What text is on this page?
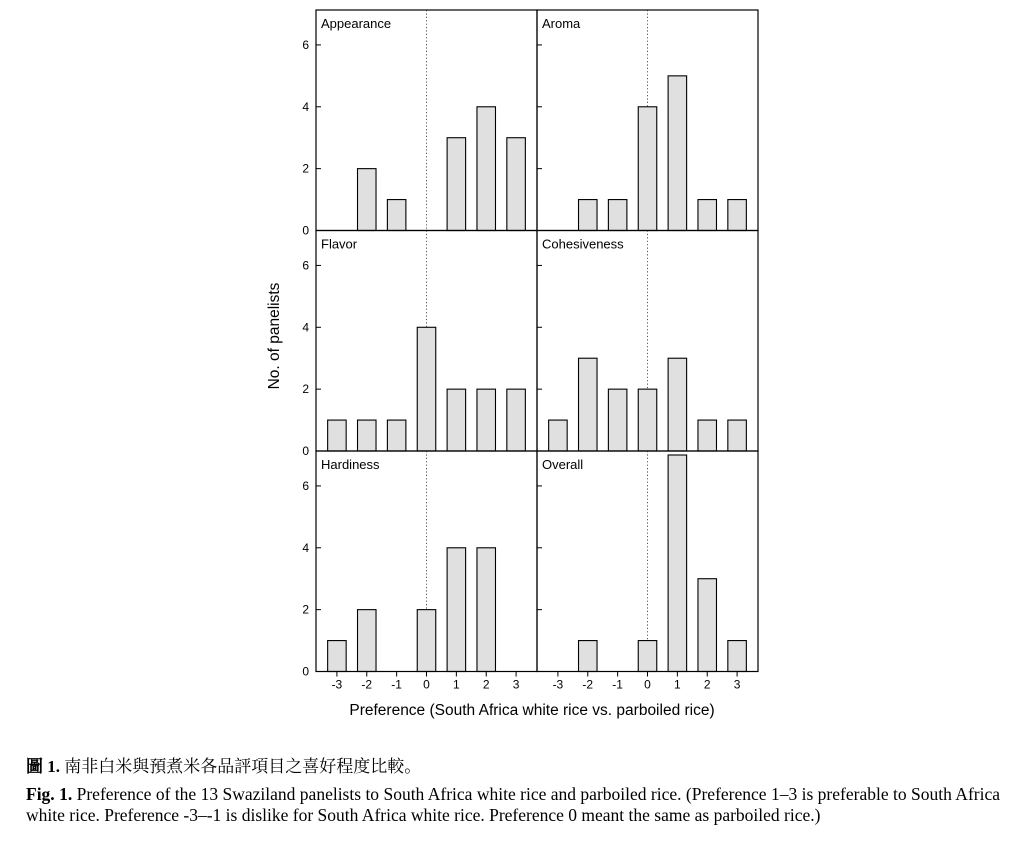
Appearance
0
2
4
6
Aroma
Flavor
0
2
4
6
Cohesiveness
Hardiness
0
2
4
6
-3 -2 -1 0 1 2 3
Overall
-3 -2 -1 0 1 2 3
No. of panelists
Preference (South Africa white rice vs. parboiled rice)
圖 1. 南非白米與預煮米各品評項目之喜好程度比較。
Fig. 1. Preference of the 13 Swaziland panelists to South Africa white rice and parboiled rice. (Preference 1–3 is preferable to South Africa white rice. Preference -3–-1 is dislike for South Africa white rice. Preference 0 meant the same as parboiled rice.)
